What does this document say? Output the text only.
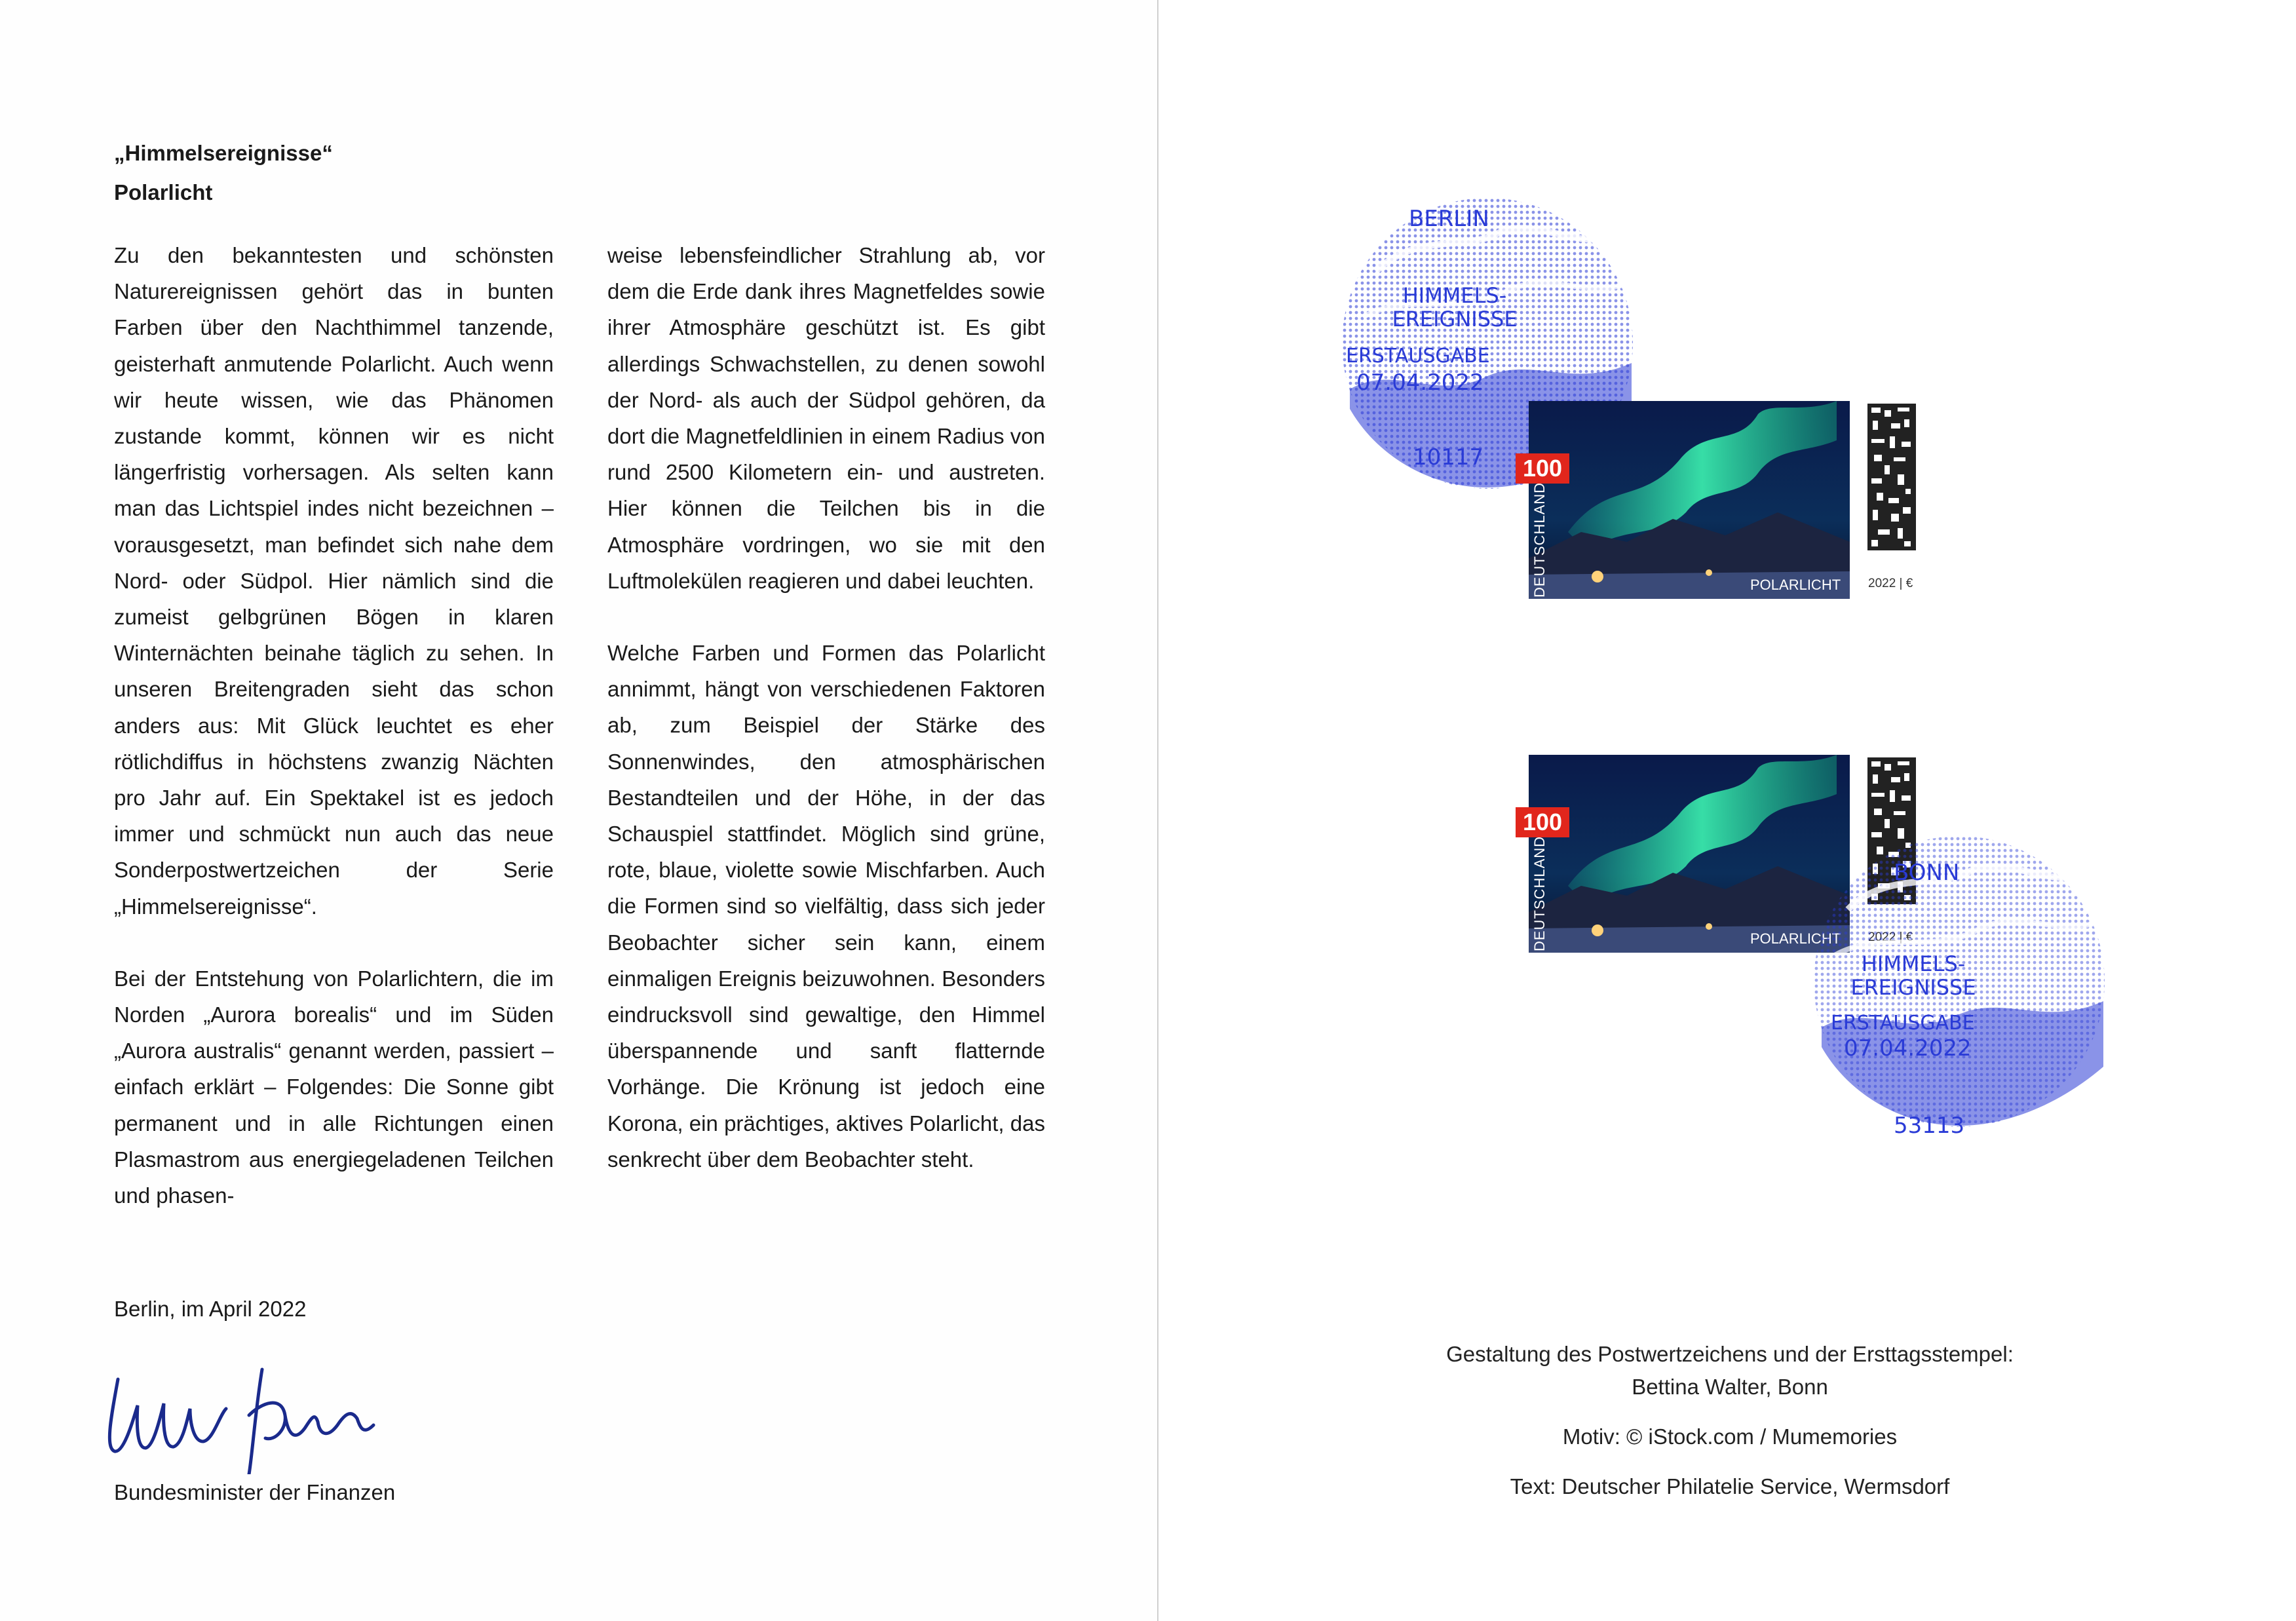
„Himmelsereignisse“
Polarlicht

Zu den bekanntesten und schönsten Naturereignissen gehört das in bunten Farben über den Nachthimmel tanzende, geisterhaft anmutende Polarlicht. Auch wenn wir heute wissen, wie das Phänomen zustande kommt, können wir es nicht längerfristig vorhersagen. Als selten kann man das Lichtspiel indes nicht bezeichnen – vorausgesetzt, man befindet sich nahe dem Nord- oder Südpol. Hier nämlich sind die zumeist gelbgrünen Bögen in klaren Winternächten beinahe täglich zu sehen. In unseren Breitengraden sieht das schon anders aus: Mit Glück leuchtet es eher rötlichdiffus in höchstens zwanzig Nächten pro Jahr auf. Ein Spektakel ist es jedoch immer und schmückt nun auch das neue Sonderpostwertzeichen der Serie „Himmelsereignisse“.

Bei der Entstehung von Polarlichtern, die im Norden „Aurora borealis“ und im Süden „Aurora australis“ genannt werden, passiert – einfach erklärt – Folgendes: Die Sonne gibt permanent und in alle Richtungen einen Plasmastrom aus energiegeladenen Teilchen und phasen-

weise lebensfeindlicher Strahlung ab, vor dem die Erde dank ihres Magnetfeldes sowie ihrer Atmosphäre geschützt ist. Es gibt allerdings Schwachstellen, zu denen sowohl der Nord- als auch der Südpol gehören, da dort die Magnetfeldlinien in einem Radius von rund 2500 Kilometern ein- und austreten. Hier können die Teilchen bis in die Atmosphäre vordringen, wo sie mit den Luftmolekülen reagieren und dabei leuchten.

Welche Farben und Formen das Polarlicht annimmt, hängt von verschiedenen Faktoren ab, zum Beispiel der Stärke des Sonnenwindes, den atmosphärischen Bestandteilen und der Höhe, in der das Schauspiel stattfindet. Möglich sind grüne, rote, blaue, violette sowie Mischfarben. Auch die Formen sind so vielfältig, dass sich jeder Beobachter sicher sein kann, einem einmaligen Ereignis beizuwohnen. Besonders eindrucksvoll sind gewaltige, den Himmel überspannende und sanft flatternde Vorhänge. Die Krönung ist jedoch eine Korona, ein prächtiges, aktives Polarlicht, das senkrecht über dem Beobachter steht.

Berlin, im April 2022
Bundesminister der Finanzen
BERLIN
HIMMELS-
EREIGNISSE
ERSTAUSGABE
07.04.2022
10117	100
DEUTSCHLAND	POLARLICHT 2022 | €
100
DEUTSCHLAND	POLARLICHT 2022 | €
BONN
HIMMELS-
EREIGNISSE
ERSTAUSGABE
07.04.2022
53113
Gestaltung des Postwertzeichens und der Ersttagsstempel:
Bettina Walter, Bonn
Motiv: © iStock.com / Mumemories
Text: Deutscher Philatelie Service, Wermsdorf
